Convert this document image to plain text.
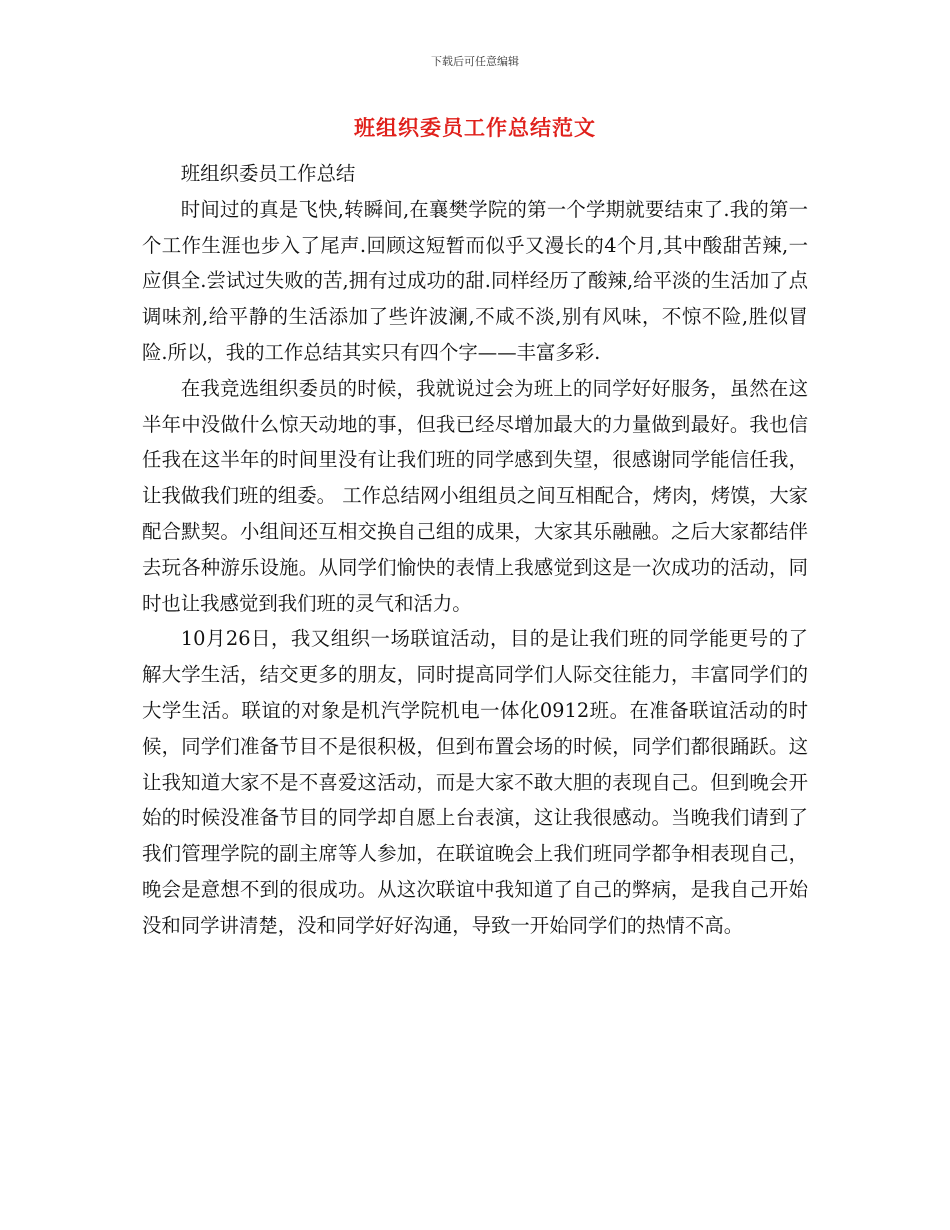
下载后可任意编辑
班组织委员工作总结范文

班组织委员工作总结

时间过的真是飞快,转瞬间,在襄樊学院的第一个学期就要结束了.我的第一个工作生涯也步入了尾声.回顾这短暂而似乎又漫长的4个月,其中酸甜苦辣,一应俱全.尝试过失败的苦,拥有过成功的甜.同样经历了酸辣,给平淡的生活加了点调味剂,给平静的生活添加了些许波澜,不咸不淡,别有风味，不惊不险,胜似冒险.所以，我的工作总结其实只有四个字——丰富多彩.

在我竞选组织委员的时候，我就说过会为班上的同学好好服务，虽然在这半年中没做什么惊天动地的事，但我已经尽增加最大的力量做到最好。我也信任我在这半年的时间里没有让我们班的同学感到失望，很感谢同学能信任我，让我做我们班的组委。 工作总结网小组组员之间互相配合，烤肉，烤馍，大家配合默契。小组间还互相交换自己组的成果，大家其乐融融。之后大家都结伴去玩各种游乐设施。从同学们愉快的表情上我感觉到这是一次成功的活动，同时也让我感觉到我们班的灵气和活力。

10月26日，我又组织一场联谊活动，目的是让我们班的同学能更号的了解大学生活，结交更多的朋友，同时提高同学们人际交往能力，丰富同学们的大学生活。联谊的对象是机汽学院机电一体化0912班。在准备联谊活动的时候，同学们准备节目不是很积极，但到布置会场的时候，同学们都很踊跃。这让我知道大家不是不喜爱这活动，而是大家不敢大胆的表现自己。但到晚会开始的时候没准备节目的同学却自愿上台表演，这让我很感动。当晚我们请到了我们管理学院的副主席等人参加，在联谊晚会上我们班同学都争相表现自己，晚会是意想不到的很成功。从这次联谊中我知道了自己的弊病，是我自己开始没和同学讲清楚，没和同学好好沟通，导致一开始同学们的热情不高。
